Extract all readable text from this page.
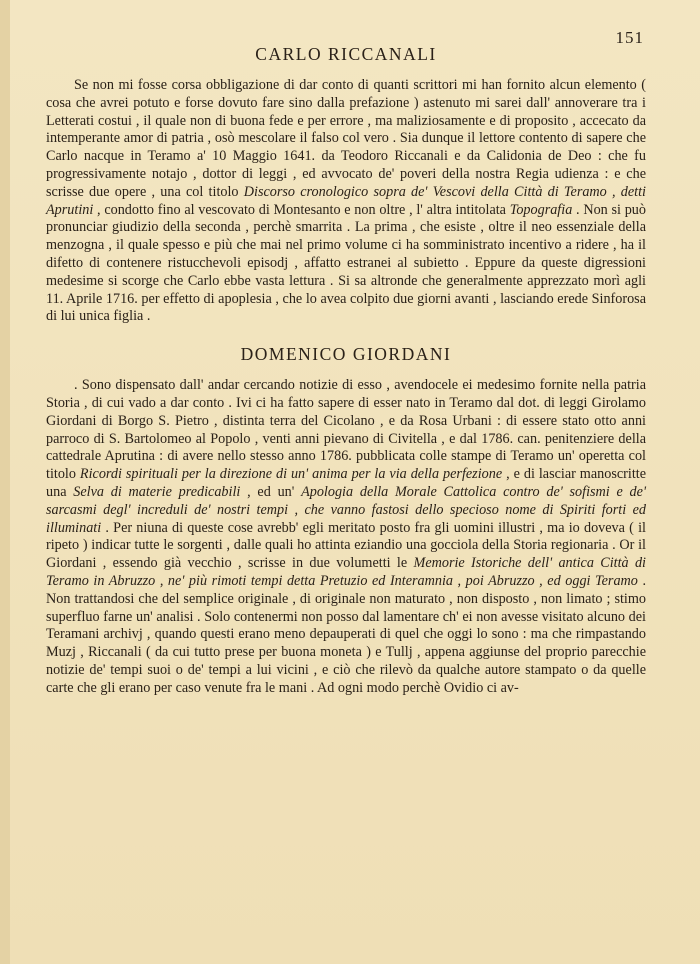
151
CARLO RICCANALI

Se non mi fosse corsa obbligazione di dar conto di quanti scrittori mi han fornito alcun elemento ( cosa che avrei potuto e forse dovuto fare sino dalla prefazione ) astenuto mi sarei dall' annoverare tra i Letterati costui , il quale non di buona fede e per errore , ma maliziosamente e di proposito , accecato da intemperante amor di patria , osò mescolare il falso col vero . Sia dunque il lettore contento di sapere che Carlo nacque in Teramo a' 10 Maggio 1641. da Teodoro Riccanali e da Calidonia de Deo : che fu progressivamente notajo , dottor di leggi , ed avvocato de' poveri della nostra Regia udienza : e che scrisse due opere , una col titolo Discorso cronologico sopra de' Vescovi della Città di Teramo , detti Aprutini , condotto fino al vescovato di Montesanto e non oltre , l' altra intitolata Topografia . Non si può pronunciar giudizio della seconda , perchè smarrita . La prima , che esiste , oltre il neo essenziale della menzogna , il quale spesso e più che mai nel primo volume ci ha somministrato incentivo a ridere , ha il difetto di contenere ristucchevoli episodj , affatto estranei al subietto . Eppure da queste digressioni medesime si scorge che Carlo ebbe vasta lettura . Si sa altronde che generalmente apprezzato morì agli 11. Aprile 1716. per effetto di apoplesia , che lo avea colpito due giorni avanti , lasciando erede Sinforosa di lui unica figlia .

DOMENICO GIORDANI

. Sono dispensato dall' andar cercando notizie di esso , avendocele ei medesimo fornite nella patria Storia , di cui vado a dar conto . Ivi ci ha fatto sapere di esser nato in Teramo dal dot. di leggi Girolamo Giordani di Borgo S. Pietro , distinta terra del Cicolano , e da Rosa Urbani : di essere stato otto anni parroco di S. Bartolomeo al Popolo , venti anni pievano di Civitella , e dal 1786. can. penitenziere della cattedrale Aprutina : di avere nello stesso anno 1786. pubblicata colle stampe di Teramo un' operetta col titolo Ricordi spirituali per la direzione di un' anima per la via della perfezione , e di lasciar manoscritte una Selva di materie predicabili , ed un' Apologia della Morale Cattolica contro de' sofismi e de' sarcasmi degl' increduli de' nostri tempi , che vanno fastosi dello specioso nome di Spiriti forti ed illuminati . Per niuna di queste cose avrebb' egli meritato posto fra gli uomini illustri , ma io doveva ( il ripeto ) indicar tutte le sorgenti , dalle quali ho attinta eziandio una gocciola della Storia regionaria . Or il Giordani , essendo già vecchio , scrisse in due volumetti le Memorie Istoriche dell' antica Città di Teramo in Abruzzo , ne' più rimoti tempi detta Pretuzio ed Interamnia , poi Abruzzo , ed oggi Teramo . Non trattandosi che del semplice originale , di originale non maturato , non disposto , non limato ; stimo superfluo farne un' analisi . Solo contenermi non posso dal lamentare ch' ei non avesse visitato alcuno dei Teramani archivj , quando questi erano meno depauperati di quel che oggi lo sono : ma che rimpastando Muzj , Riccanali ( da cui tutto prese per buona moneta ) e Tullj , appena aggiunse del proprio parecchie notizie de' tempi suoi o de' tempi a lui vicini , e ciò che rilevò da qualche autore stampato o da quelle carte che gli erano per caso venute fra le mani . Ad ogni modo perchè Ovidio ci av-
